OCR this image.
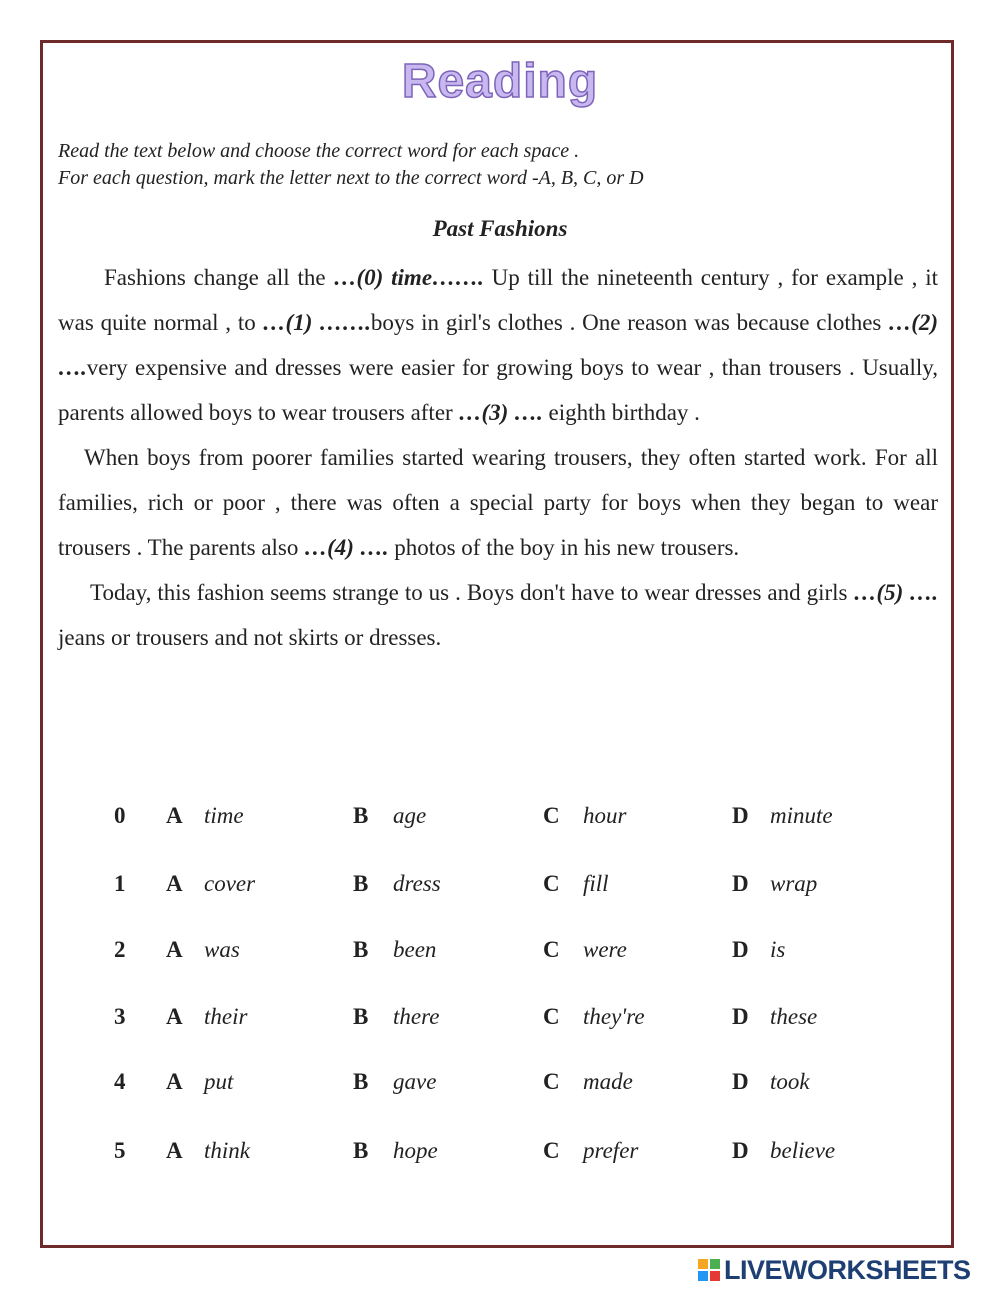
Reading
Read the text below and choose the correct word for each space .
For each question, mark the letter next to the correct word -A, B, C, or D
Past Fashions

Fashions change all the …(0) time……. Up till the nineteenth century , for example , it was quite normal , to …(1) …….boys in girl's clothes . One reason was because clothes …(2) ….very expensive and dresses were easier for growing boys to wear , than trousers . Usually, parents allowed boys to wear trousers after …(3) …. eighth birthday .

When boys from poorer families started wearing trousers, they often started work. For all families, rich or poor , there was often a special party for boys when they began to wear trousers . The parents also …(4) …. photos of the boy in his new trousers.

Today, this fashion seems strange to us . Boys don't have to wear dresses and girls …(5) …. jeans or trousers and not skirts or dresses.

0 A time	B age	C hour	D minute
1 A cover	B dress	C fill	D wrap
2 A was	B been	C were	D is
3 A their	B there	C they're	D these
4 A put	B gave	C made	D took
5 A think	B hope	C prefer	D believe
LIVEWORKSHEETS
